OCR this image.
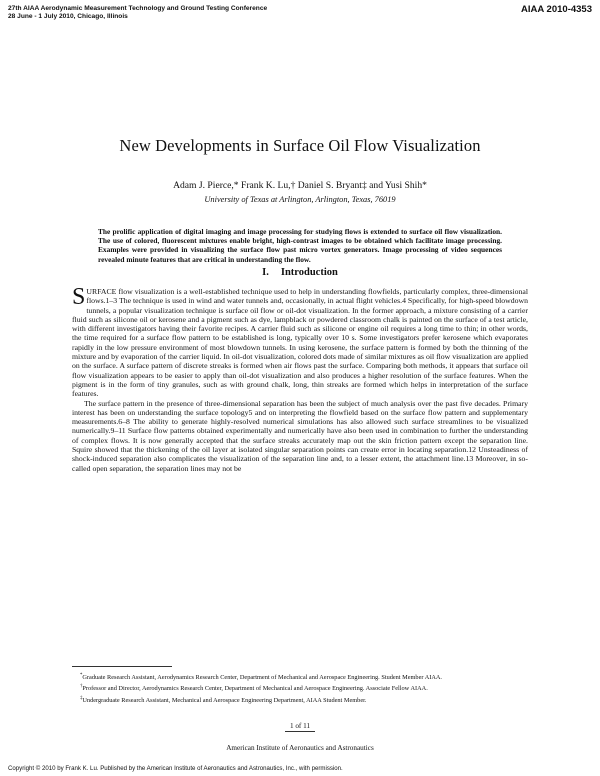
27th AIAA Aerodynamic Measurement Technology and Ground Testing Conference
28 June - 1 July 2010, Chicago, Illinois
AIAA 2010-4353
New Developments in Surface Oil Flow Visualization
Adam J. Pierce,* Frank K. Lu,† Daniel S. Bryant‡ and Yusi Shih*
University of Texas at Arlington, Arlington, Texas, 76019
The prolific application of digital imaging and image processing for studying flows is extended to surface oil flow visualization. The use of colored, fluorescent mixtures enable bright, high-contrast images to be obtained which facilitate image processing. Examples were provided in visualizing the surface flow past micro vortex generators. Image processing of video sequences revealed minute features that are critical in understanding the flow.
I. Introduction

SURFACE flow visualization is a well-established technique used to help in understanding flowfields, particularly complex, three-dimensional flows.1–3 The technique is used in wind and water tunnels and, occasionally, in actual flight vehicles.4 Specifically, for high-speed blowdown tunnels, a popular visualization technique is surface oil flow or oil-dot visualization. In the former approach, a mixture consisting of a carrier fluid such as silicone oil or kerosene and a pigment such as dye, lampblack or powdered classroom chalk is painted on the surface of a test article, with different investigators having their favorite recipes. A carrier fluid such as silicone or engine oil requires a long time to thin; in other words, the time required for a surface flow pattern to be established is long, typically over 10 s. Some investigators prefer kerosene which evaporates rapidly in the low pressure environment of most blowdown tunnels. In using kerosene, the surface pattern is formed by both the thinning of the mixture and by evaporation of the carrier liquid. In oil-dot visualization, colored dots made of similar mixtures as oil flow visualization are applied on the surface. A surface pattern of discrete streaks is formed when air flows past the surface. Comparing both methods, it appears that surface oil flow visualization appears to be easier to apply than oil-dot visualization and also produces a higher resolution of the surface features. When the pigment is in the form of tiny granules, such as with ground chalk, long, thin streaks are formed which helps in interpretation of the surface features.

The surface pattern in the presence of three-dimensional separation has been the subject of much analysis over the past five decades. Primary interest has been on understanding the surface topology5 and on interpreting the flowfield based on the surface flow pattern and supplementary measurements.6–8 The ability to generate highly-resolved numerical simulations has also allowed such surface streamlines to be visualized numerically.9–11 Surface flow patterns obtained experimentally and numerically have also been used in combination to further the understanding of complex flows. It is now generally accepted that the surface streaks accurately map out the skin friction pattern except the separation line. Squire showed that the thickening of the oil layer at isolated singular separation points can create error in locating separation.12 Unsteadiness of shock-induced separation also complicates the visualization of the separation line and, to a lesser extent, the attachment line.13 Moreover, in so-called open separation, the separation lines may not be

*Graduate Research Assistant, Aerodynamics Research Center, Department of Mechanical and Aerospace Engineering. Student Member AIAA.

†Professor and Director, Aerodynamics Research Center, Department of Mechanical and Aerospace Engineering. Associate Fellow AIAA.

‡Undergraduate Research Assistant, Mechanical and Aerospace Engineering Department, AIAA Student Member.

1 of 11
American Institute of Aeronautics and Astronautics
Copyright © 2010 by Frank K. Lu. Published by the American Institute of Aeronautics and Astronautics, Inc., with permission.
